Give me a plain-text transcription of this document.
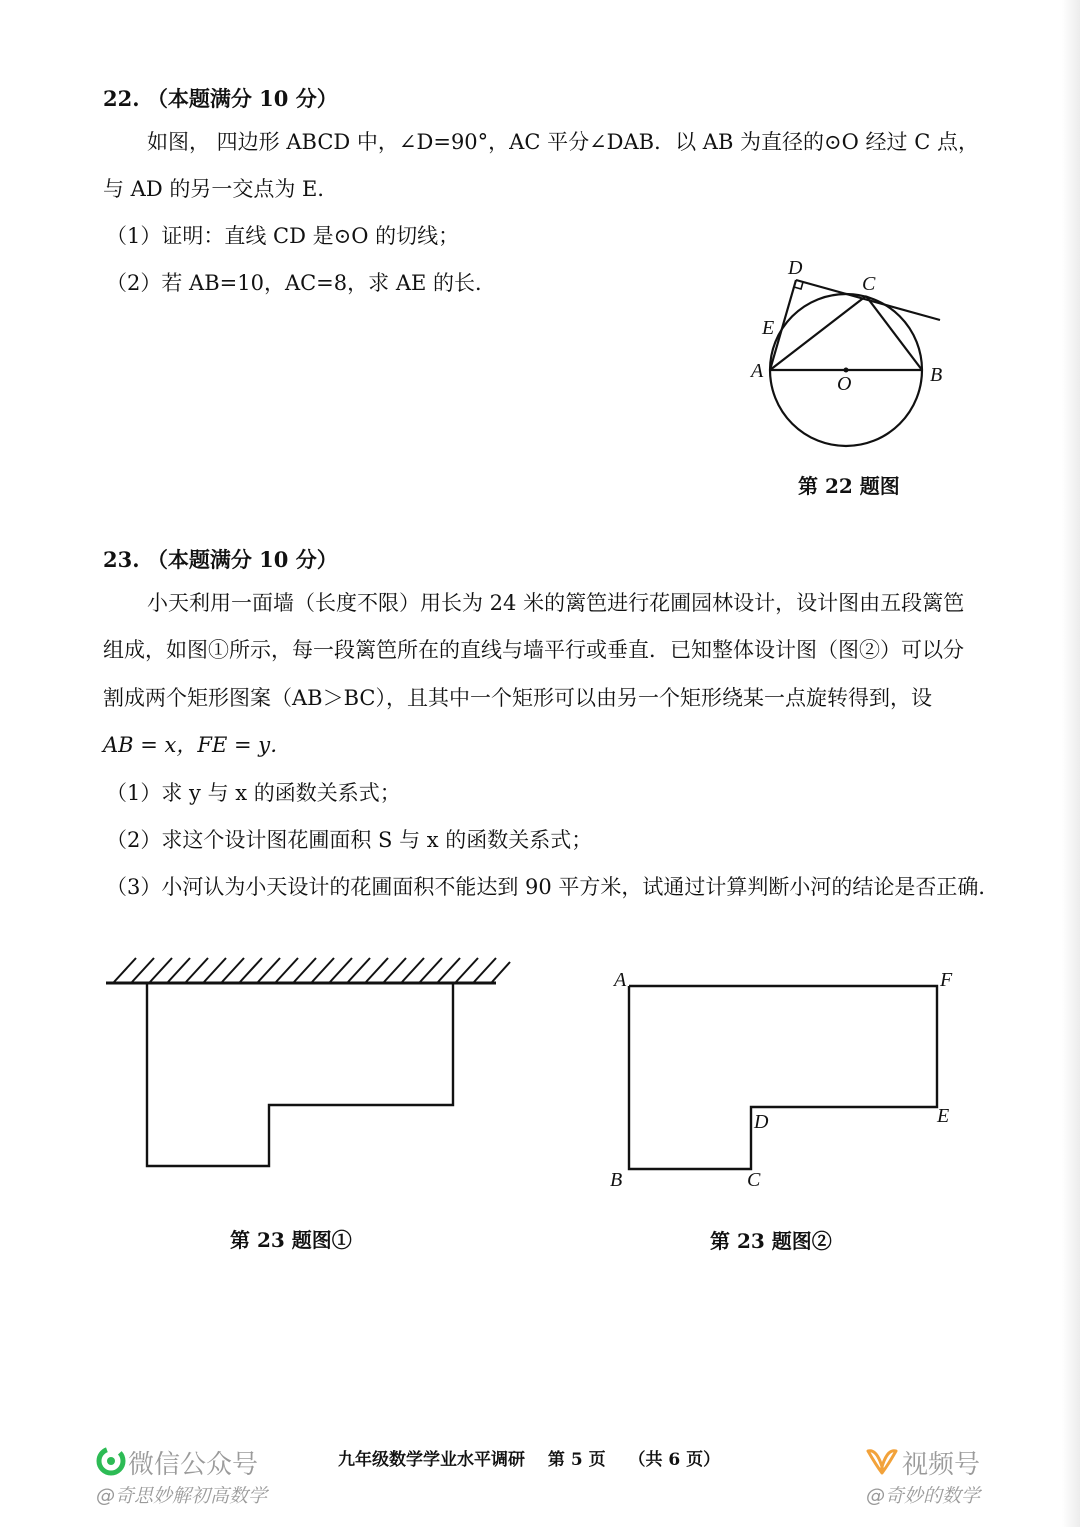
22. （本题满分 10 分）
如图， 四边形 ABCD 中，∠D=90°，AC 平分∠DAB．以 AB 为直径的⊙O 经过 C 点，
与 AD 的另一交点为 E．
（1）证明：直线 CD 是⊙O 的切线；
（2）若 AB=10，AC=8，求 AE 的长．
D
C
E
A
O	B
第 22 题图
23. （本题满分 10 分）
小天利用一面墙（长度不限）用长为 24 米的篱笆进行花圃园林设计，设计图由五段篱笆
组成，如图①所示，每一段篱笆所在的直线与墙平行或垂直．已知整体设计图（图②）可以分
割成两个矩形图案（AB＞BC），且其中一个矩形可以由另一个矩形绕某一点旋转得到，设
AB = x，FE = y．
（1）求 y 与 x 的函数关系式；
（2）求这个设计图花圃面积 S 与 x 的函数关系式；
（3）小河认为小天设计的花圃面积不能达到 90 平方米，试通过计算判断小河的结论是否正确．
第 23 题图①
A	F
D	E
B	C
第 23 题图②
九年级数学学业水平调研　 第 5 页　 （共 6 页）
微信公众号
@奇思妙解初高数学
视频号
@奇妙的数学
